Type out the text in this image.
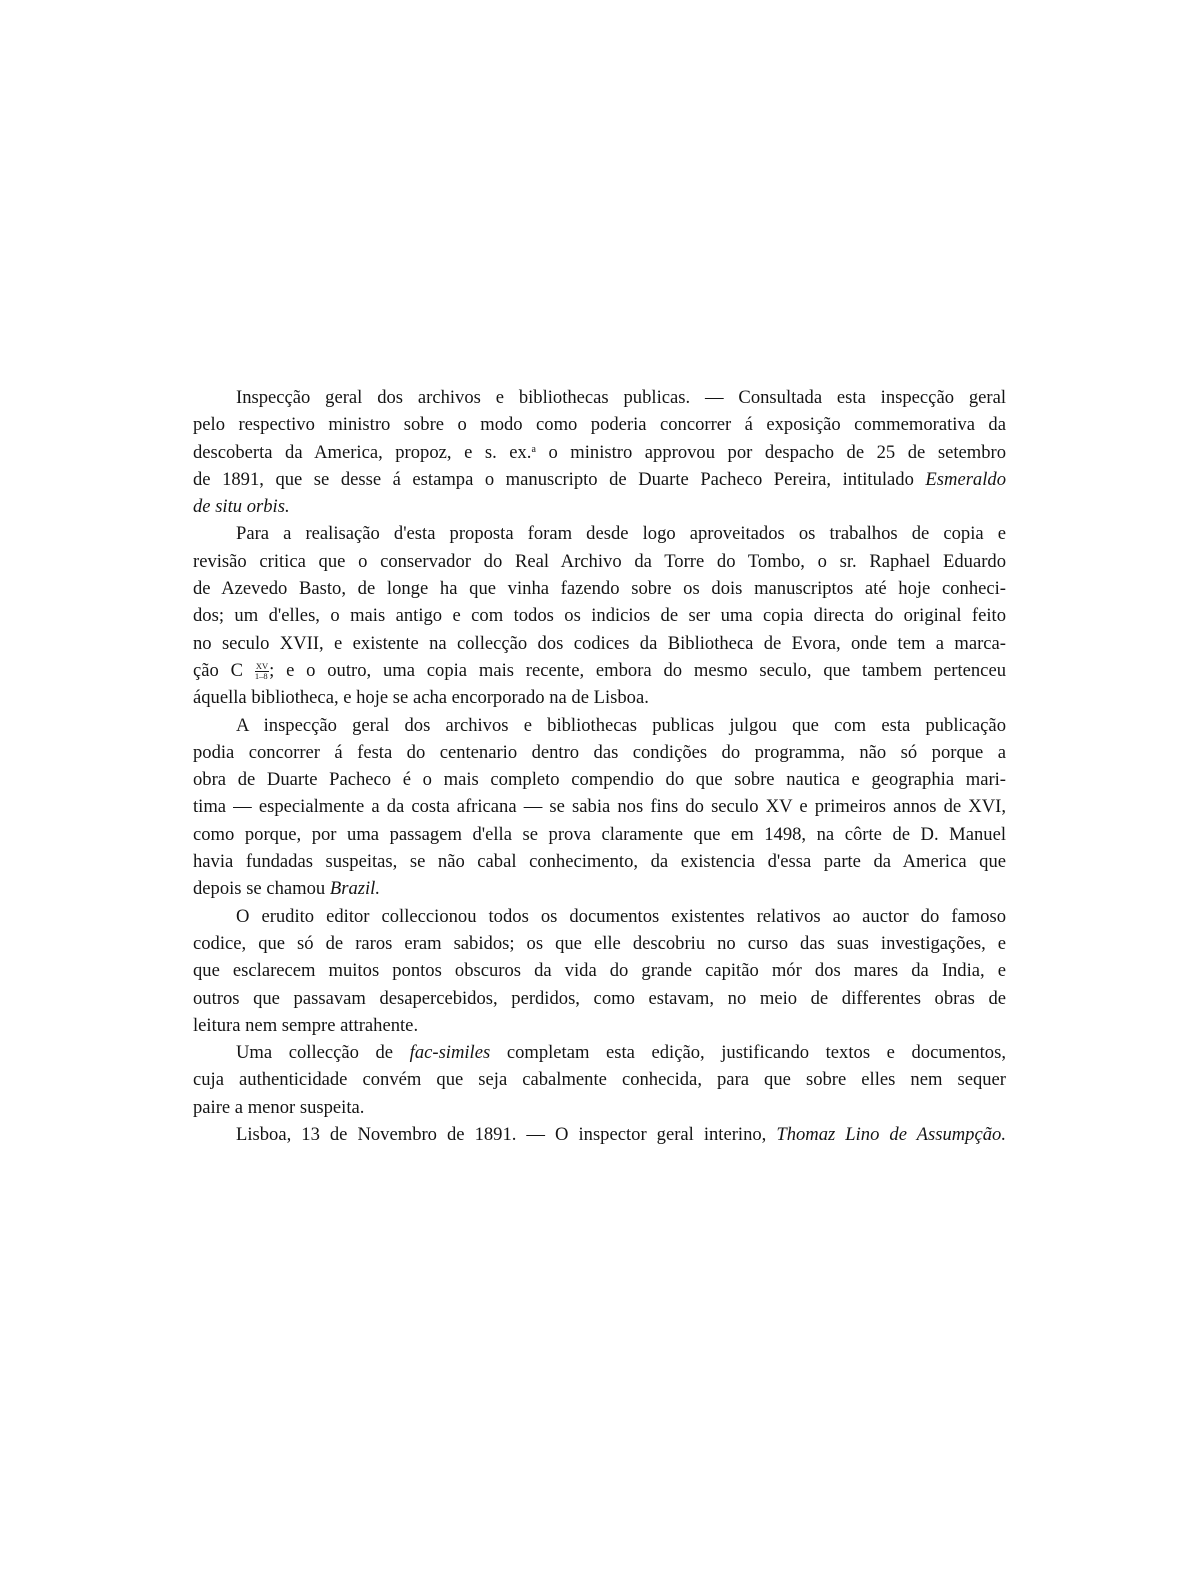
Inspecção geral dos archivos e bibliothecas publicas. — Consultada esta inspecção geral
pelo respectivo ministro sobre o modo como poderia concorrer á exposição commemorativa da
descoberta da America, propoz, e s. ex.$^a$ o ministro approvou por despacho de 25 de setembro
de 1891, que se desse á estampa o manuscripto de Duarte Pacheco Pereira, intitulado Esmeraldo
de situ orbis.
Para a realisação d'esta proposta foram desde logo aproveitados os trabalhos de copia e
revisão critica que o conservador do Real Archivo da Torre do Tombo, o sr. Raphael Eduardo
de Azevedo Basto, de longe ha que vinha fazendo sobre os dois manuscriptos até hoje conheci-
dos; um d'elles, o mais antigo e com todos os indicios de ser uma copia directa do original feito
no seculo XVII, e existente na collecção dos codices da Bibliotheca de Evora, onde tem a marca-
ção C $\frac{XV}{1-8}$ ; e o outro, uma copia mais recente, embora do mesmo seculo, que tambem pertenceu
áquella bibliotheca, e hoje se acha encorporado na de Lisboa.
A inspecção geral dos archivos e bibliothecas publicas julgou que com esta publicação
podia concorrer á festa do centenario dentro das condições do programma, não só porque a
obra de Duarte Pacheco é o mais completo compendio do que sobre nautica e geographia mari-
tima — especialmente a da costa africana — se sabia nos fins do seculo XV e primeiros annos de XVI,
como porque, por uma passagem d'ella se prova claramente que em 1498, na côrte de D. Manuel
havia fundadas suspeitas, se não cabal conhecimento, da existencia d'essa parte da America que
depois se chamou Brazil.
O erudito editor colleccionou todos os documentos existentes relativos ao auctor do famoso
codice, que só de raros eram sabidos; os que elle descobriu no curso das suas investigações, e
que esclarecem muitos pontos obscuros da vida do grande capitão mór dos mares da India, e
outros que passavam desapercebidos, perdidos, como estavam, no meio de differentes obras de
leitura nem sempre attrahente.
Uma collecção de fac-similes completam esta edição, justificando textos e documentos,
cuja authenticidade convém que seja cabalmente conhecida, para que sobre elles nem sequer
paire a menor suspeita.
Lisboa, 13 de Novembro de 1891. — O inspector geral interino, Thomaz Lino de Assumpção.
